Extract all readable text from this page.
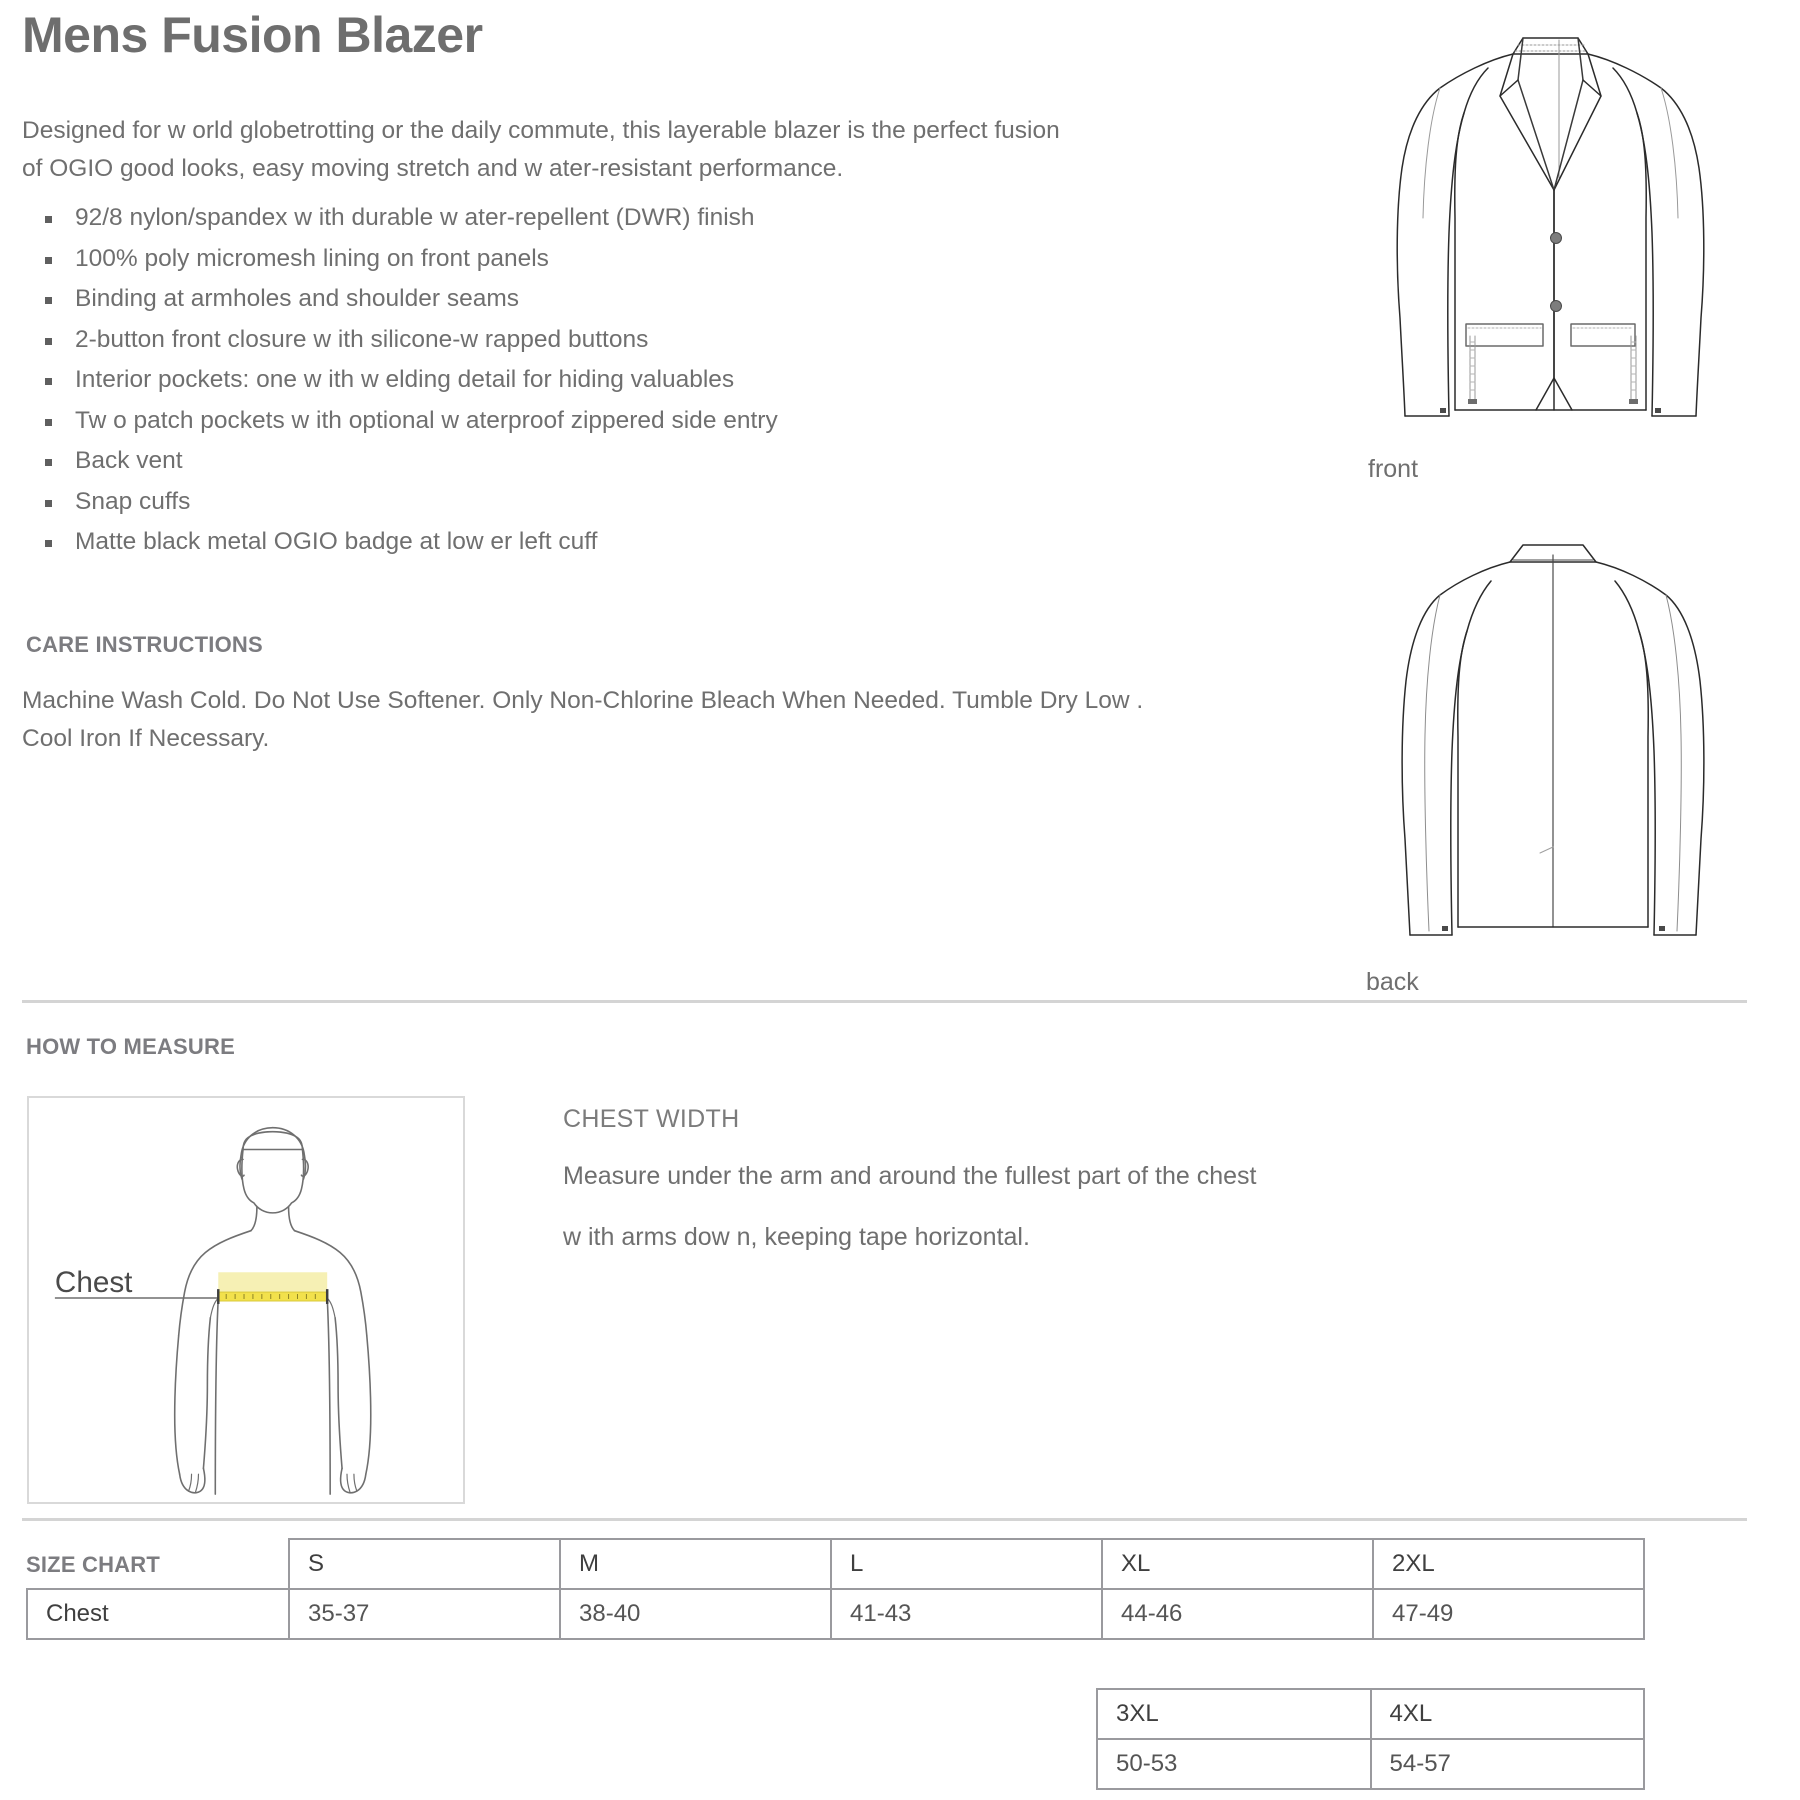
Mens Fusion Blazer

Designed for w orld globetrotting or the daily commute, this layerable blazer is the perfect fusion

of OGIO good looks, easy moving stretch and w ater-resistant performance.

92/8 nylon/spandex w ith durable w ater-repellent (DWR) finish
100% poly micromesh lining on front panels
Binding at armholes and shoulder seams
2-button front closure w ith silicone-w rapped buttons
Interior pockets: one w ith w elding detail for hiding valuables
Tw o patch pockets w ith optional w aterproof zippered side entry
Back vent
Snap cuffs
Matte black metal OGIO badge at low er left cuff
CARE INSTRUCTIONS

Machine Wash Cold. Do Not Use Softener. Only Non-Chlorine Bleach When Needed. Tumble Dry Low .

Cool Iron If Necessary.

front
back
HOW TO MEASURE
Chest

CHEST WIDTH

Measure under the arm and around the fullest part of the chest

w ith arms dow n, keeping tape horizontal.

SIZE CHART
		S	M	L	XL	2XL
Chest	35-37	38-40	41-43	44-46	47-49
3XL	4XL
50-53	54-57
